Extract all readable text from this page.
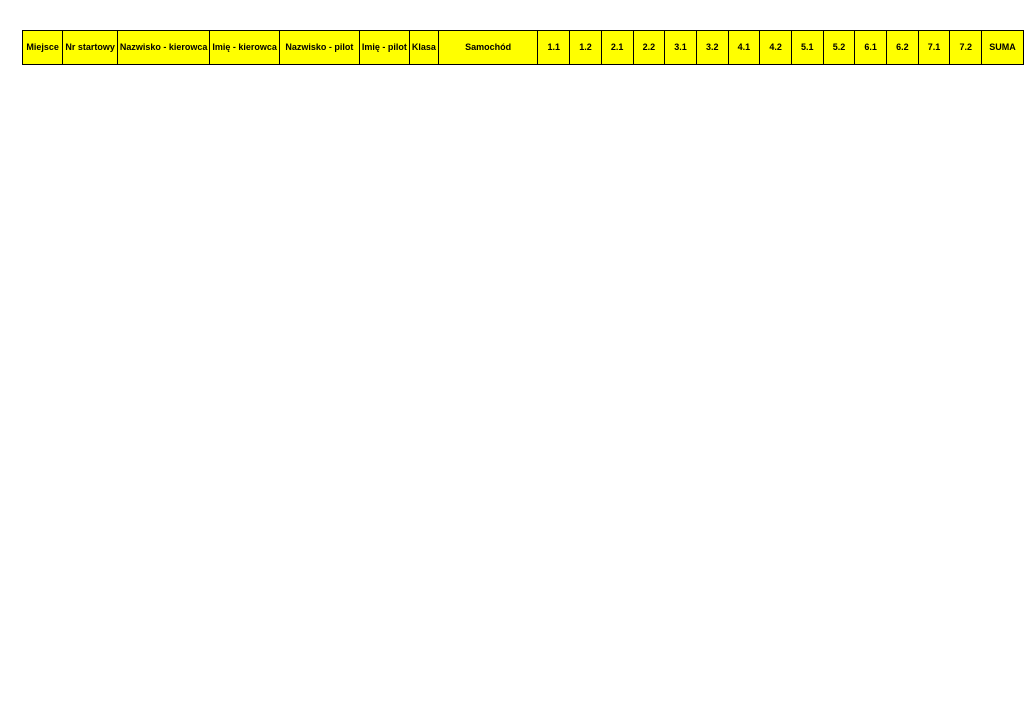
Miejsce	Nr startowy	Nazwisko - kierowca	Imię - kierowca	Nazwisko - pilot	Imię - pilot	Klasa	Samochód	1.1	1.2	2.1	2.2	3.1	3.2	4.1	4.2	5.1	5.2	6.1	6.2	7.1	7.2	SUMA
